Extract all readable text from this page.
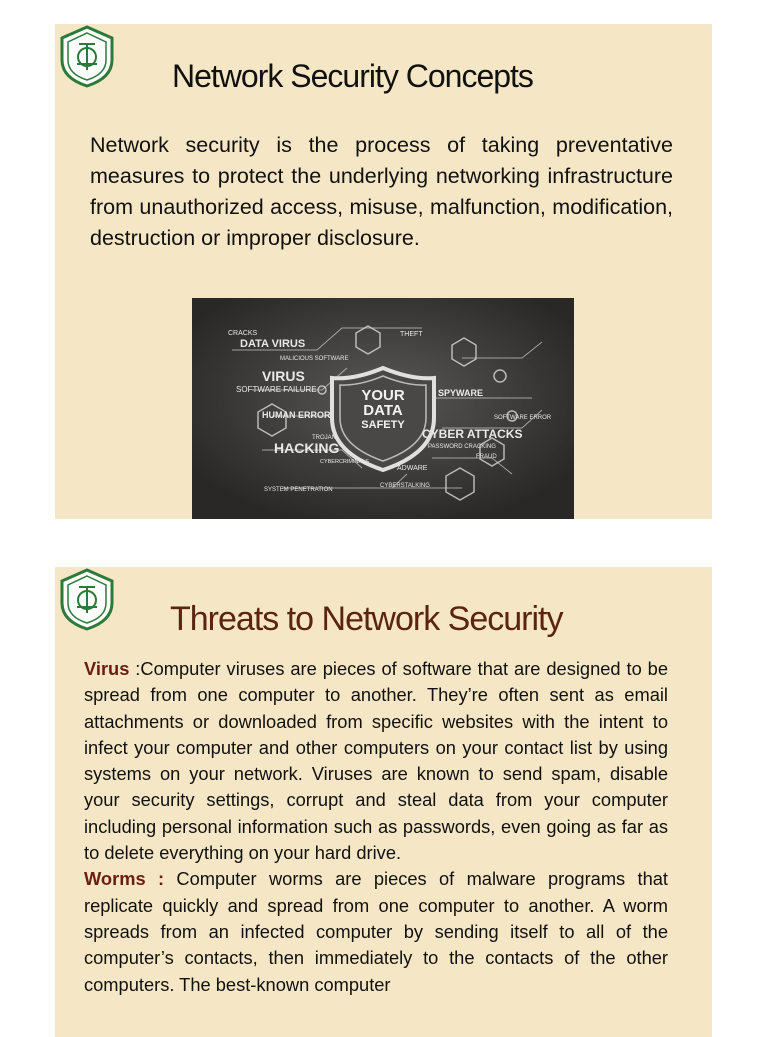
Network Security Concepts

Network security is the process of taking preventative measures to protect the underlying networking infrastructure from unauthorized access, misuse, malfunction, modification, destruction or improper disclosure.

YOUR
DATA
SAFETY
CRACKS
DATA VIRUS
MALICIOUS SOFTWARE
VIRUS
SOFTWARE FAILURE
HUMAN ERROR
TROJAN
HACKING
CYBERCRIMINALS
SYSTEM PENETRATION
THEFT
SPYWARE
SOFTWARE ERROR
CYBER ATTACKS
PASSWORD CRACKING
FRAUD
ADWARE
CYBERSTALKING
Threats to Network Security

Virus :Computer viruses are pieces of software that are designed to be spread from one computer to another. They’re often sent as email attachments or downloaded from specific websites with the intent to infect your computer and other computers on your contact list by using systems on your network. Viruses are known to send spam, disable your security settings, corrupt and steal data from your computer including personal information such as passwords, even going as far as to delete everything on your hard drive.

Worms : Computer worms are pieces of malware programs that replicate quickly and spread from one computer to another. A worm spreads from an infected computer by sending itself to all of the computer’s contacts, then immediately to the contacts of the other computers. The best-known computer
